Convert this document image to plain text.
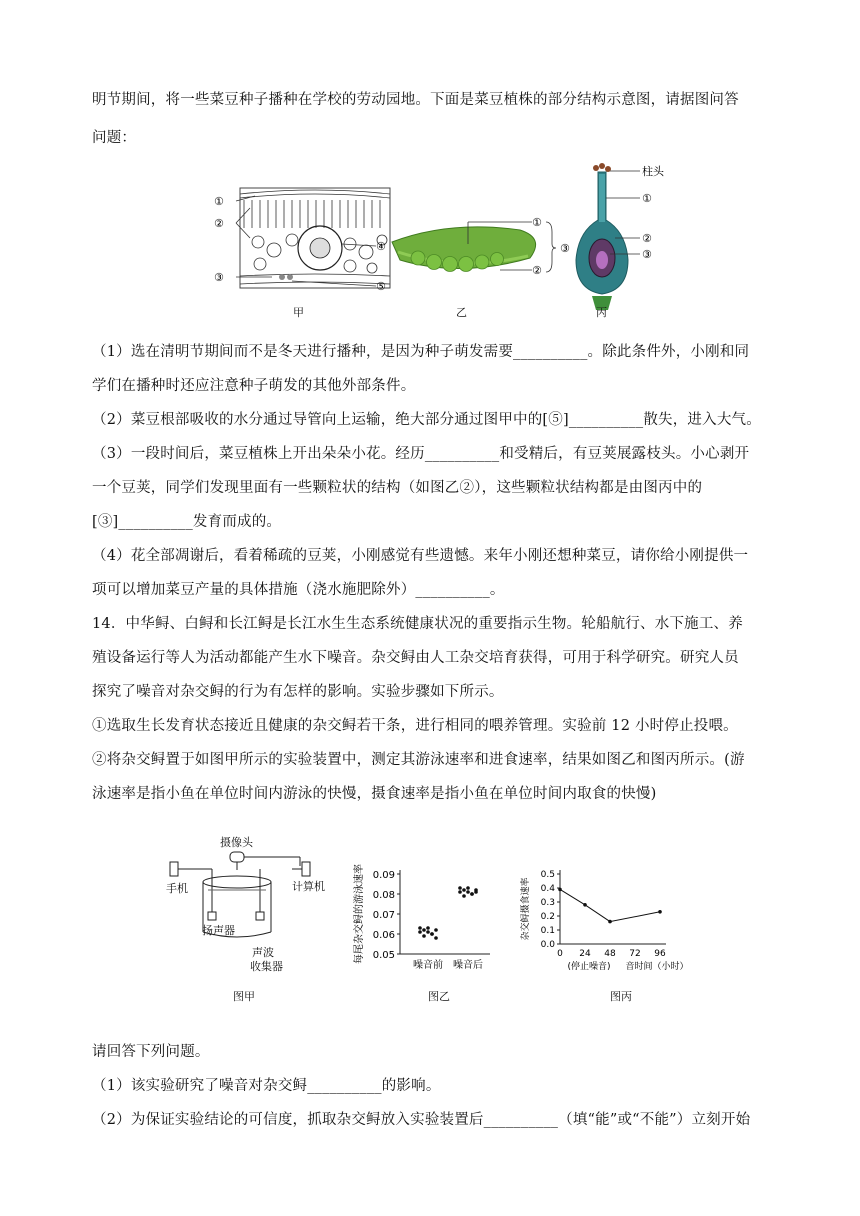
明节期间，将一些菜豆种子播种在学校的劳动园地。下面是菜豆植株的部分结构示意图，请据图问答
问题：
①
②
③
④
⑤
①
②
③
柱头
①
②
③
甲	乙	丙
（1）选在清明节期间而不是冬天进行播种，是因为种子萌发需要__________。除此条件外，小刚和同
学们在播种时还应注意种子萌发的其他外部条件。
（2）菜豆根部吸收的水分通过导管向上运输，绝大部分通过图甲中的[⑤]__________散失，进入大气。
（3）一段时间后，菜豆植株上开出朵朵小花。经历__________和受精后，有豆荚展露枝头。小心剥开
一个豆荚，同学们发现里面有一些颗粒状的结构（如图乙②），这些颗粒状结构都是由图丙中的
[③]__________发育而成的。
（4）花全部凋谢后，看着稀疏的豆荚，小刚感觉有些遗憾。来年小刚还想种菜豆，请你给小刚提供一
项可以增加菜豆产量的具体措施（浇水施肥除外）__________。
14．中华鲟、白鲟和长江鲟是长江水生生态系统健康状况的重要指示生物。轮船航行、水下施工、养
殖设备运行等人为活动都能产生水下噪音。杂交鲟由人工杂交培育获得，可用于科学研究。研究人员
探究了噪音对杂交鲟的行为有怎样的影响。实验步骤如下所示。
①选取生长发育状态接近且健康的杂交鲟若干条，进行相同的喂养管理。实验前 12 小时停止投喂。
②将杂交鲟置于如图甲所示的实验装置中，测定其游泳速率和进食速率，结果如图乙和图丙所示。(游
泳速率是指小鱼在单位时间内游泳的快慢，摄食速率是指小鱼在单位时间内取食的快慢)
摄像头
手机	计算机
扬声器
声波
收集器
0.09
0.08
0.07
0.06
0.05
每尾杂交鲟的游泳速率
噪音前 噪音后
0.5
0.4
0.3
0.2
0.1
0.0
0 24 48 72 96
(停止噪音) 音时间（小时）
杂交鲟摄食速率
图甲	图乙	图丙
请回答下列问题。
（1）该实验研究了噪音对杂交鲟__________的影响。
（2）为保证实验结论的可信度，抓取杂交鲟放入实验装置后__________（填“能”或“不能”）立刻开始
